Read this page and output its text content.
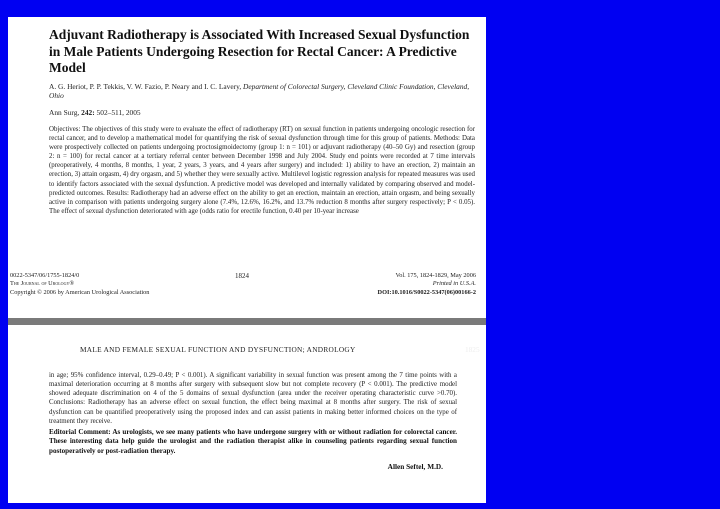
Adjuvant Radiotherapy is Associated With Increased Sexual Dysfunction in Male Patients Undergoing Resection for Rectal Cancer: A Predictive Model
A. G. Heriot, P. P. Tekkis, V. W. Fazio, P. Neary and I. C. Lavery, Department of Colorectal Surgery, Cleveland Clinic Foundation, Cleveland, Ohio
Ann Surg, 242: 502–511, 2005
Objectives: The objectives of this study were to evaluate the effect of radiotherapy (RT) on sexual function in patients undergoing oncologic resection for rectal cancer, and to develop a mathematical model for quantifying the risk of sexual dysfunction through time for this group of patients. Methods: Data were prospectively collected on patients undergoing proctosigmoidectomy (group 1: n = 101) or adjuvant radiotherapy (40–50 Gy) and resection (group 2: n = 100) for rectal cancer at a tertiary referral center between December 1998 and July 2004. Study end points were recorded at 7 time intervals (preoperatively, 4 months, 8 months, 1 year, 2 years, 3 years, and 4 years after surgery) and included: 1) ability to have an erection, 2) maintain an erection, 3) attain orgasm, 4) dry orgasm, and 5) whether they were sexually active. Multilevel logistic regression analysis for repeated measures was used to identify factors associated with the sexual dysfunction. A predictive model was developed and internally validated by comparing observed and model-predicted outcomes. Results: Radiotherapy had an adverse effect on the ability to get an erection, maintain an erection, attain orgasm, and being sexually active in comparison with patients undergoing surgery alone (7.4%, 12.6%, 16.2%, and 13.7% reduction 8 months after surgery respectively; P < 0.05). The effect of sexual dysfunction deteriorated with age (odds ratio for erectile function, 0.40 per 10-year increase
0022-5347/06/1755-1824/0
The Journal of Urology®
Copyright © 2006 by American Urological Association
1824	Vol. 175, 1824-1829, May 2006
Printed in U.S.A.
DOI:10.1016/S0022-5347(06)00166-2
in age; 95% confidence interval, 0.29–0.49; P < 0.001). A significant variability in sexual function was present among the 7 time points with a maximal deterioration occurring at 8 months after surgery with subsequent slow but not complete recovery (P < 0.001). The predictive model showed adequate discrimination on 4 of the 5 domains of sexual dysfunction (area under the receiver operating characteristic curve >0.70). Conclusions: Radiotherapy has an adverse effect on sexual function, the effect being maximal at 8 months after surgery. The risk of sexual dysfunction can be quantified preoperatively using the proposed index and can assist patients in making better informed choices on the type of treatment they receive.
Editorial Comment: As urologists, we see many patients who have undergone surgery with or without radiation for colorectal cancer. These interesting data help guide the urologist and the radiation therapist alike in counseling patients regarding sexual function postoperatively or post-radiation therapy.
Allen Seftel, M.D.
MALE AND FEMALE SEXUAL FUNCTION AND DYSFUNCTION; ANDROLOGY	1825
